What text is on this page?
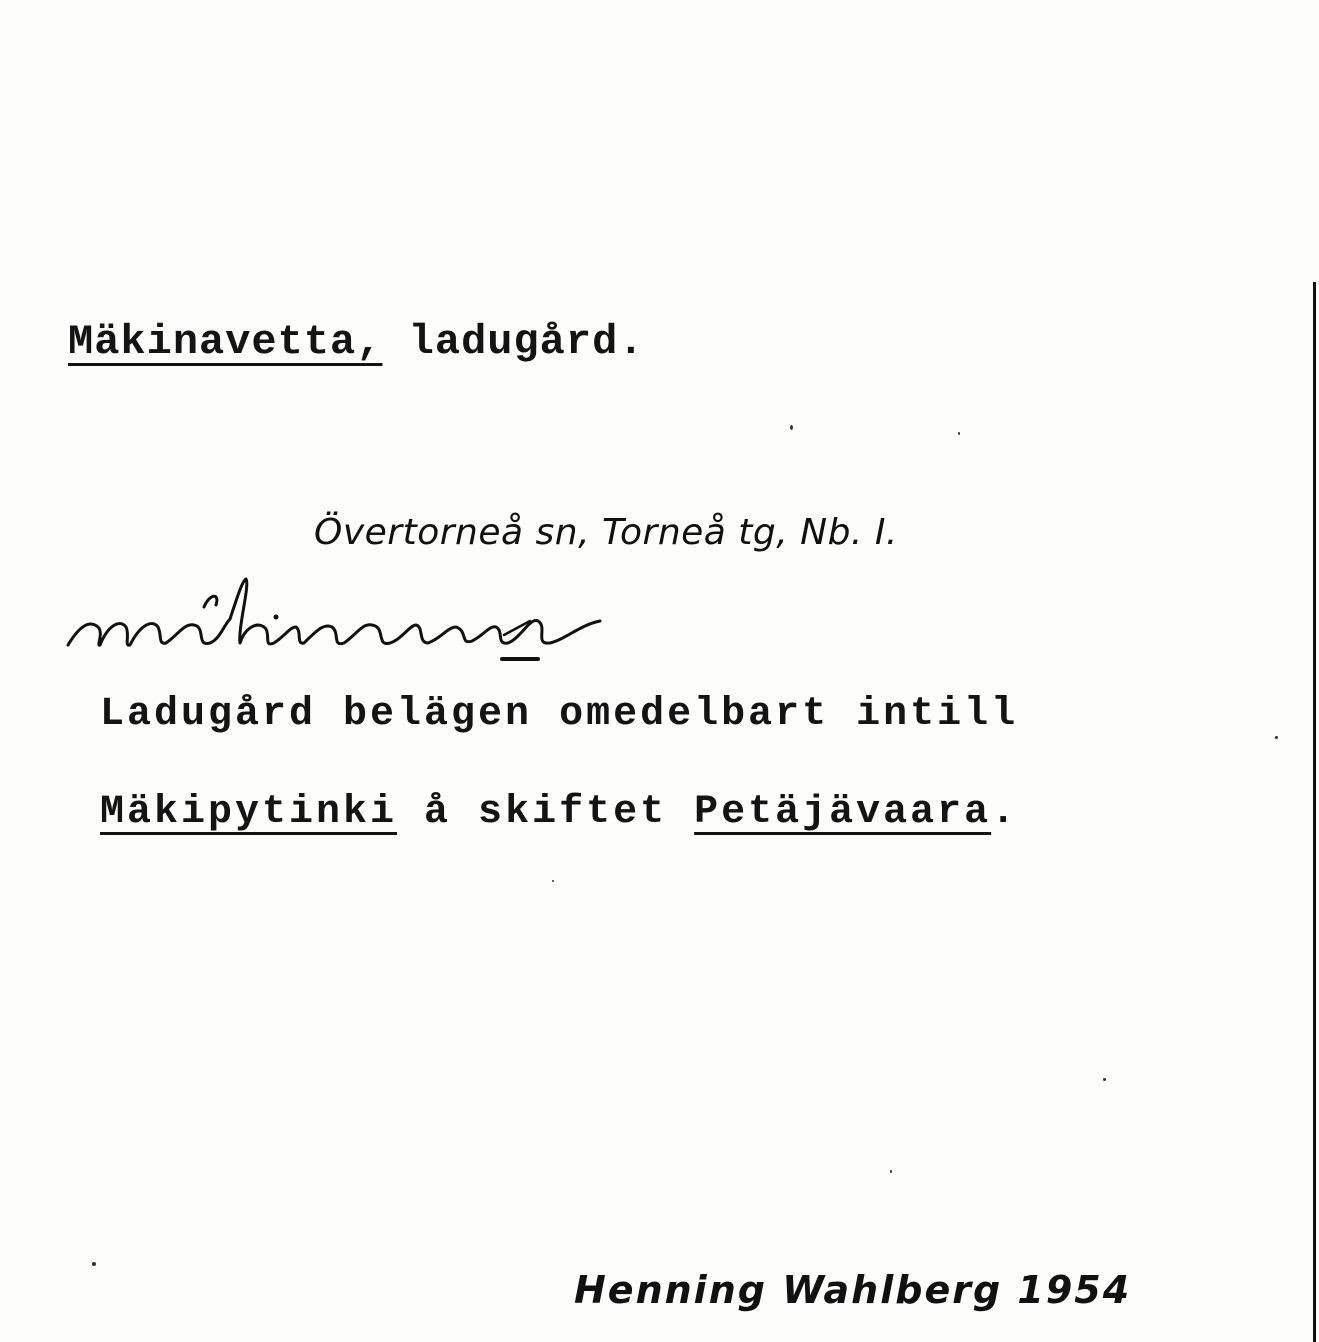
Mäkinavetta, ladugård.
Övertorneå sn, Torneå tg, Nb. I.
måkinaveta
Ladugård belägen omedelbart intill
Mäkipytinki å skiftet Petäjävaara.
Henning Wahlberg 1954
